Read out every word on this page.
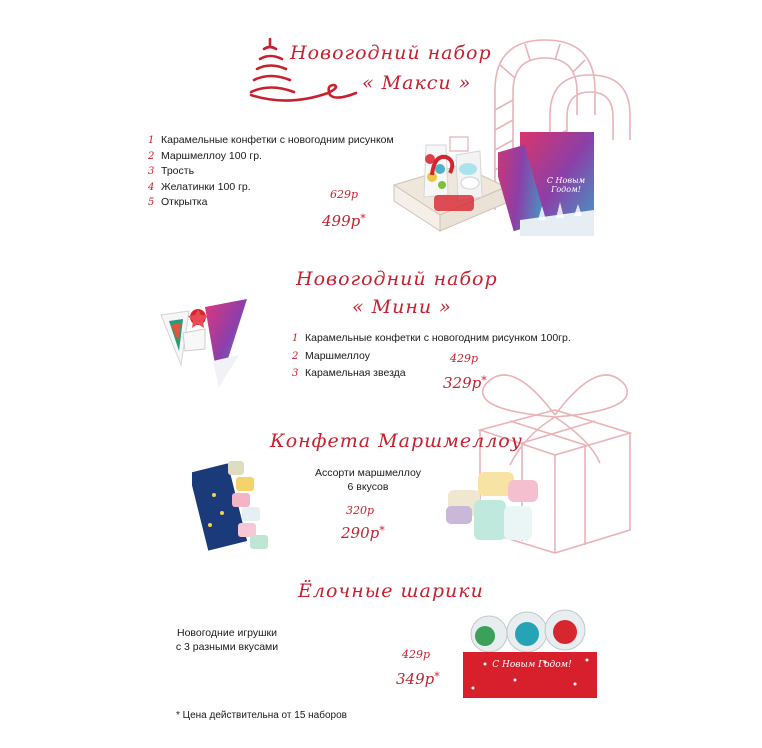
Новогодний набор
« Макси »
1 Карамельные конфетки с новогодним рисунком
2 Маршмеллоу 100 гр.
3 Трость
4 Желатинки 100 гр.
5 Открытка
629р
499р*
С Новым Годом!
Новогодний набор
« Мини »
1 Карамельные конфетки с новогодним рисунком 100гр.
2 Маршмеллоу
3 Карамельная звезда
429р
329р*
Конфета Маршмеллоу
Ассорти маршмеллоу
6 вкусов
320р
290р*
Ёлочные шарики
Новогодние игрушки
с 3 разными вкусами
429р
349р*
С Новым Годом!
* Цена действительна от 15 наборов
